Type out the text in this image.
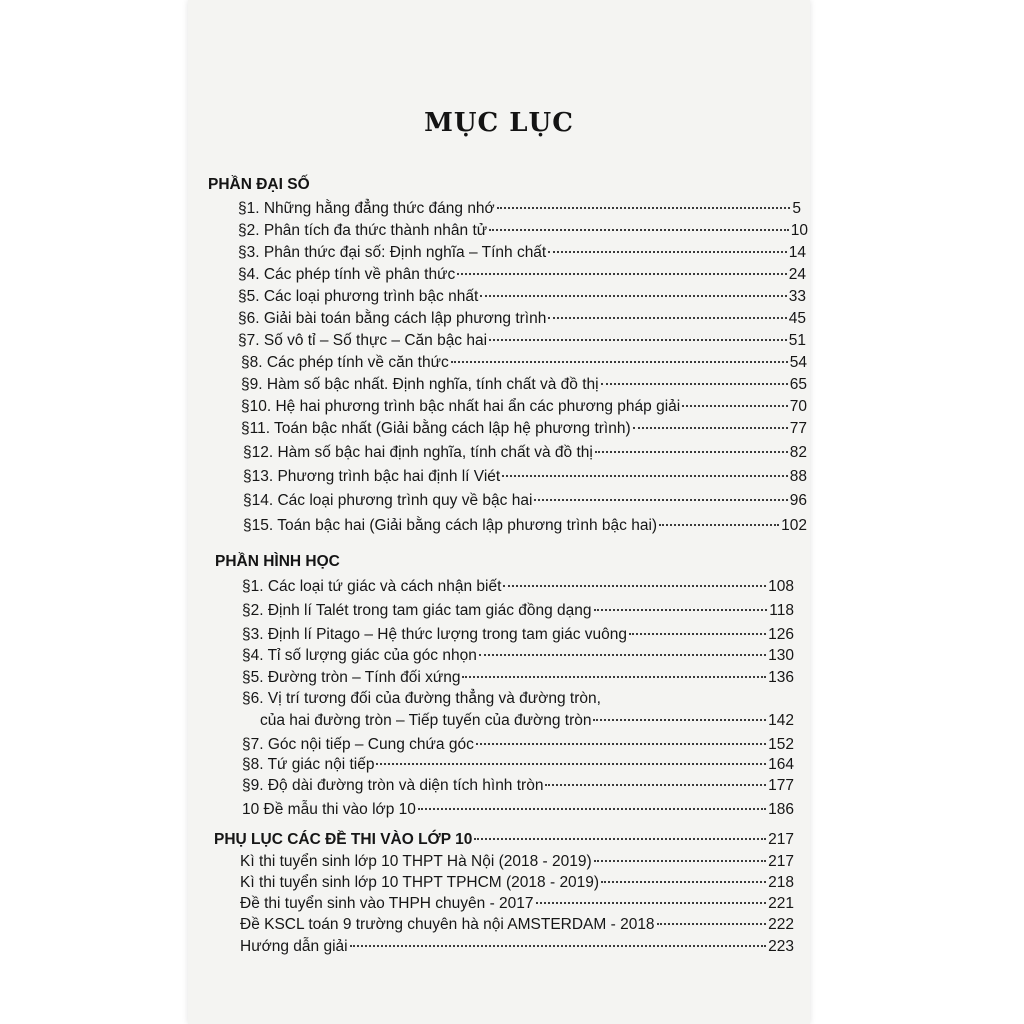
MỤC LỤC
PHẦN ĐẠI SỐ
§1. Những hằng đẳng thức đáng nhớ	5
§2. Phân tích đa thức thành nhân tử	10
§3. Phân thức đại số: Định nghĩa – Tính chất	14
§4. Các phép tính về phân thức	24
§5. Các loại phương trình bậc nhất	33
§6. Giải bài toán bằng cách lập phương trình	45
§7. Số vô tỉ – Số thực – Căn bậc hai	51
§8. Các phép tính về căn thức	54
§9. Hàm số bậc nhất. Định nghĩa, tính chất và đồ thị	65
§10. Hệ hai phương trình bậc nhất hai ẩn các phương pháp giải	70
§11. Toán bậc nhất (Giải bằng cách lập hệ phương trình)	77
§12. Hàm số bậc hai định nghĩa, tính chất và đồ thị	82
§13. Phương trình bậc hai định lí Viét	88
§14. Các loại phương trình quy về bậc hai	96
§15. Toán bậc hai (Giải bằng cách lập phương trình bậc hai)	102
PHẦN HÌNH HỌC
§1. Các loại tứ giác và cách nhận biết	108
§2. Định lí Talét trong tam giác tam giác đồng dạng	118
§3. Định lí Pitago – Hệ thức lượng trong tam giác vuông	126
§4. Tỉ số lượng giác của góc nhọn	130
§5. Đường tròn – Tính đối xứng	136
§6. Vị trí tương đối của đường thẳng và đường tròn,
của hai đường tròn – Tiếp tuyến của đường tròn	142
§7. Góc nội tiếp – Cung chứa góc	152
§8. Tứ giác nội tiếp	164
§9. Độ dài đường tròn và diện tích hình tròn	177
10 Đề mẫu thi vào lớp 10	186
PHỤ LỤC CÁC ĐỀ THI VÀO LỚP 10	217
Kì thi tuyển sinh lớp 10 THPT Hà Nội (2018 - 2019)	217
Kì thi tuyển sinh lớp 10 THPT TPHCM (2018 - 2019)	218
Đề thi tuyển sinh vào THPH chuyên - 2017	221
Đề KSCL toán 9 trường chuyên hà nội AMSTERDAM - 2018	222
Hướng dẫn giải	223
